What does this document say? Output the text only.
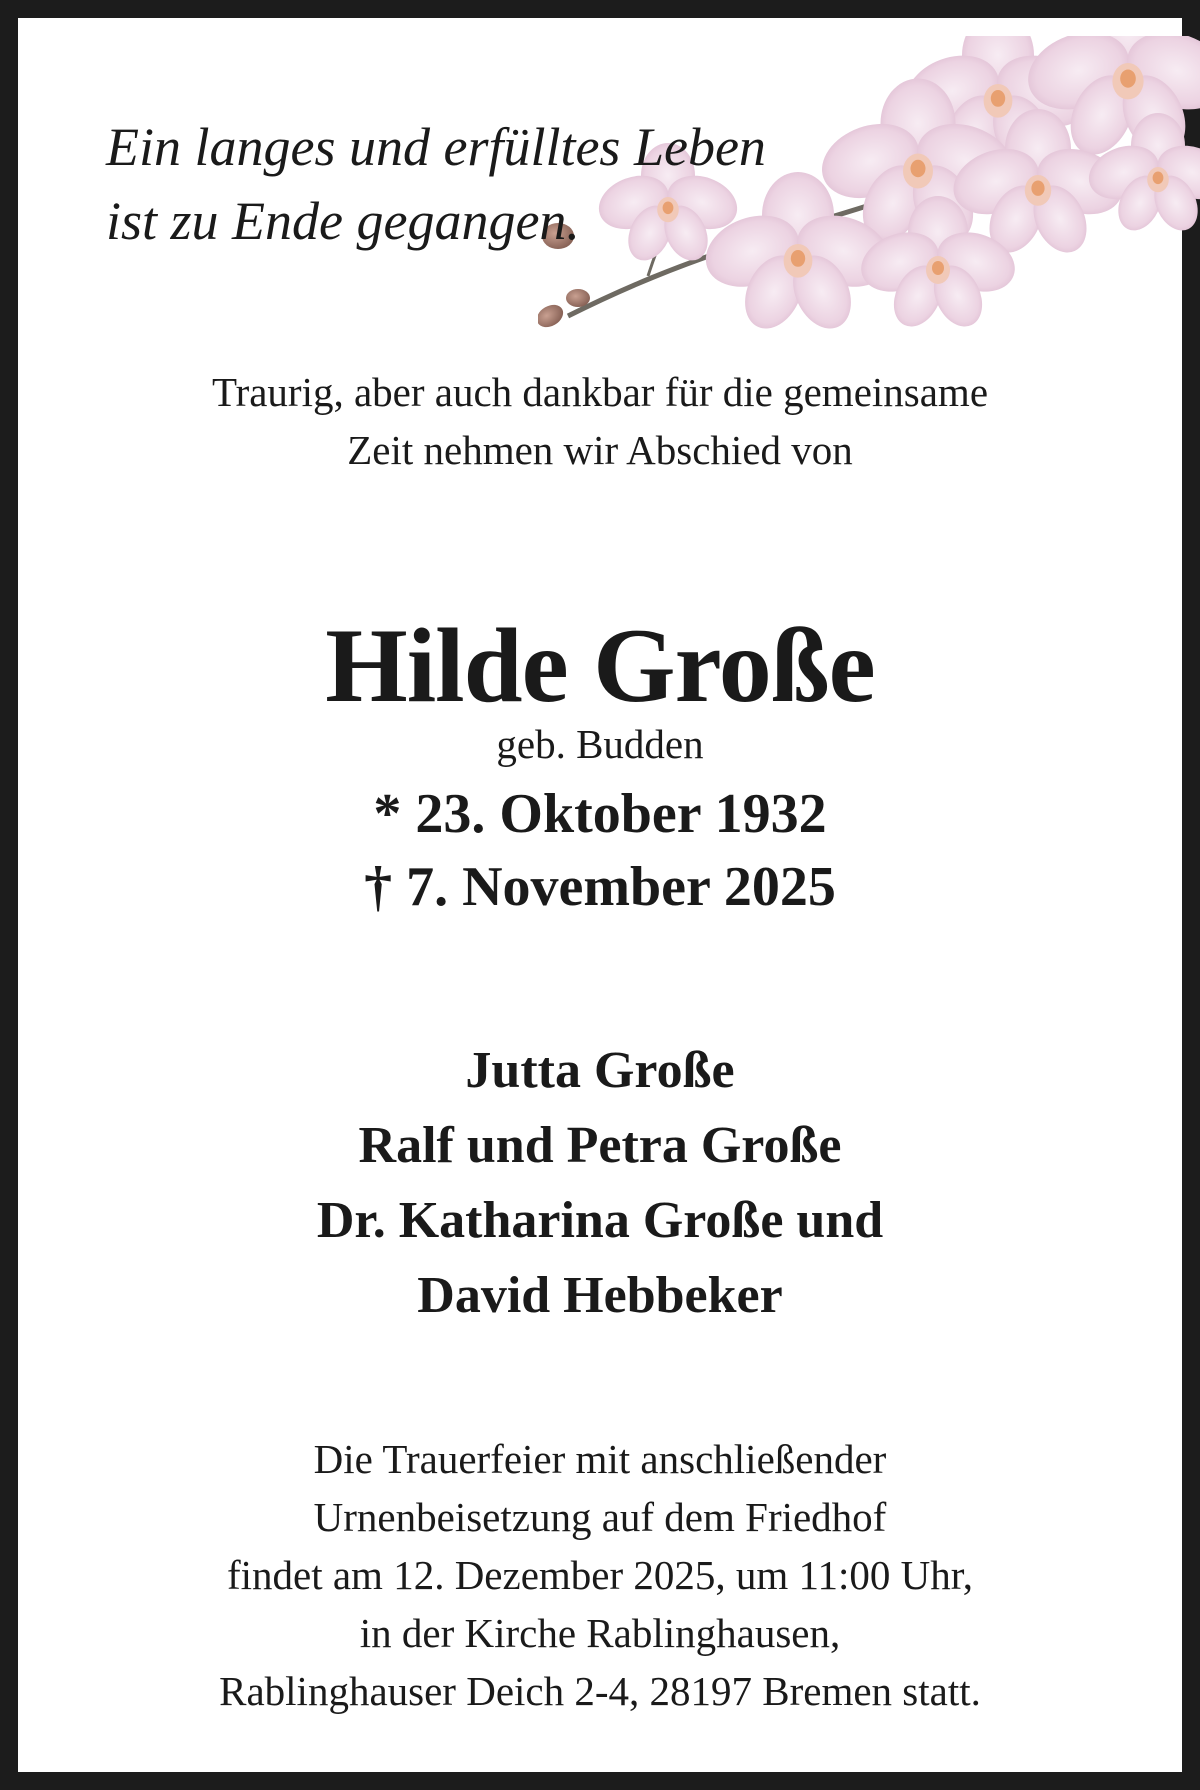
Ein langes und erfülltes Leben
ist zu Ende gegangen.
Traurig, aber auch dankbar für die gemeinsame
Zeit nehmen wir Abschied von
Hilde Große
geb. Budden
* 23. Oktober 1932
† 7. November 2025
Jutta Große
Ralf und Petra Große
Dr. Katharina Große und
David Hebbeker
Die Trauerfeier mit anschließender
Urnenbeisetzung auf dem Friedhof
findet am 12. Dezember 2025, um 11:00 Uhr,
in der Kirche Rablinghausen,
Rablinghauser Deich 2-4, 28197 Bremen statt.
